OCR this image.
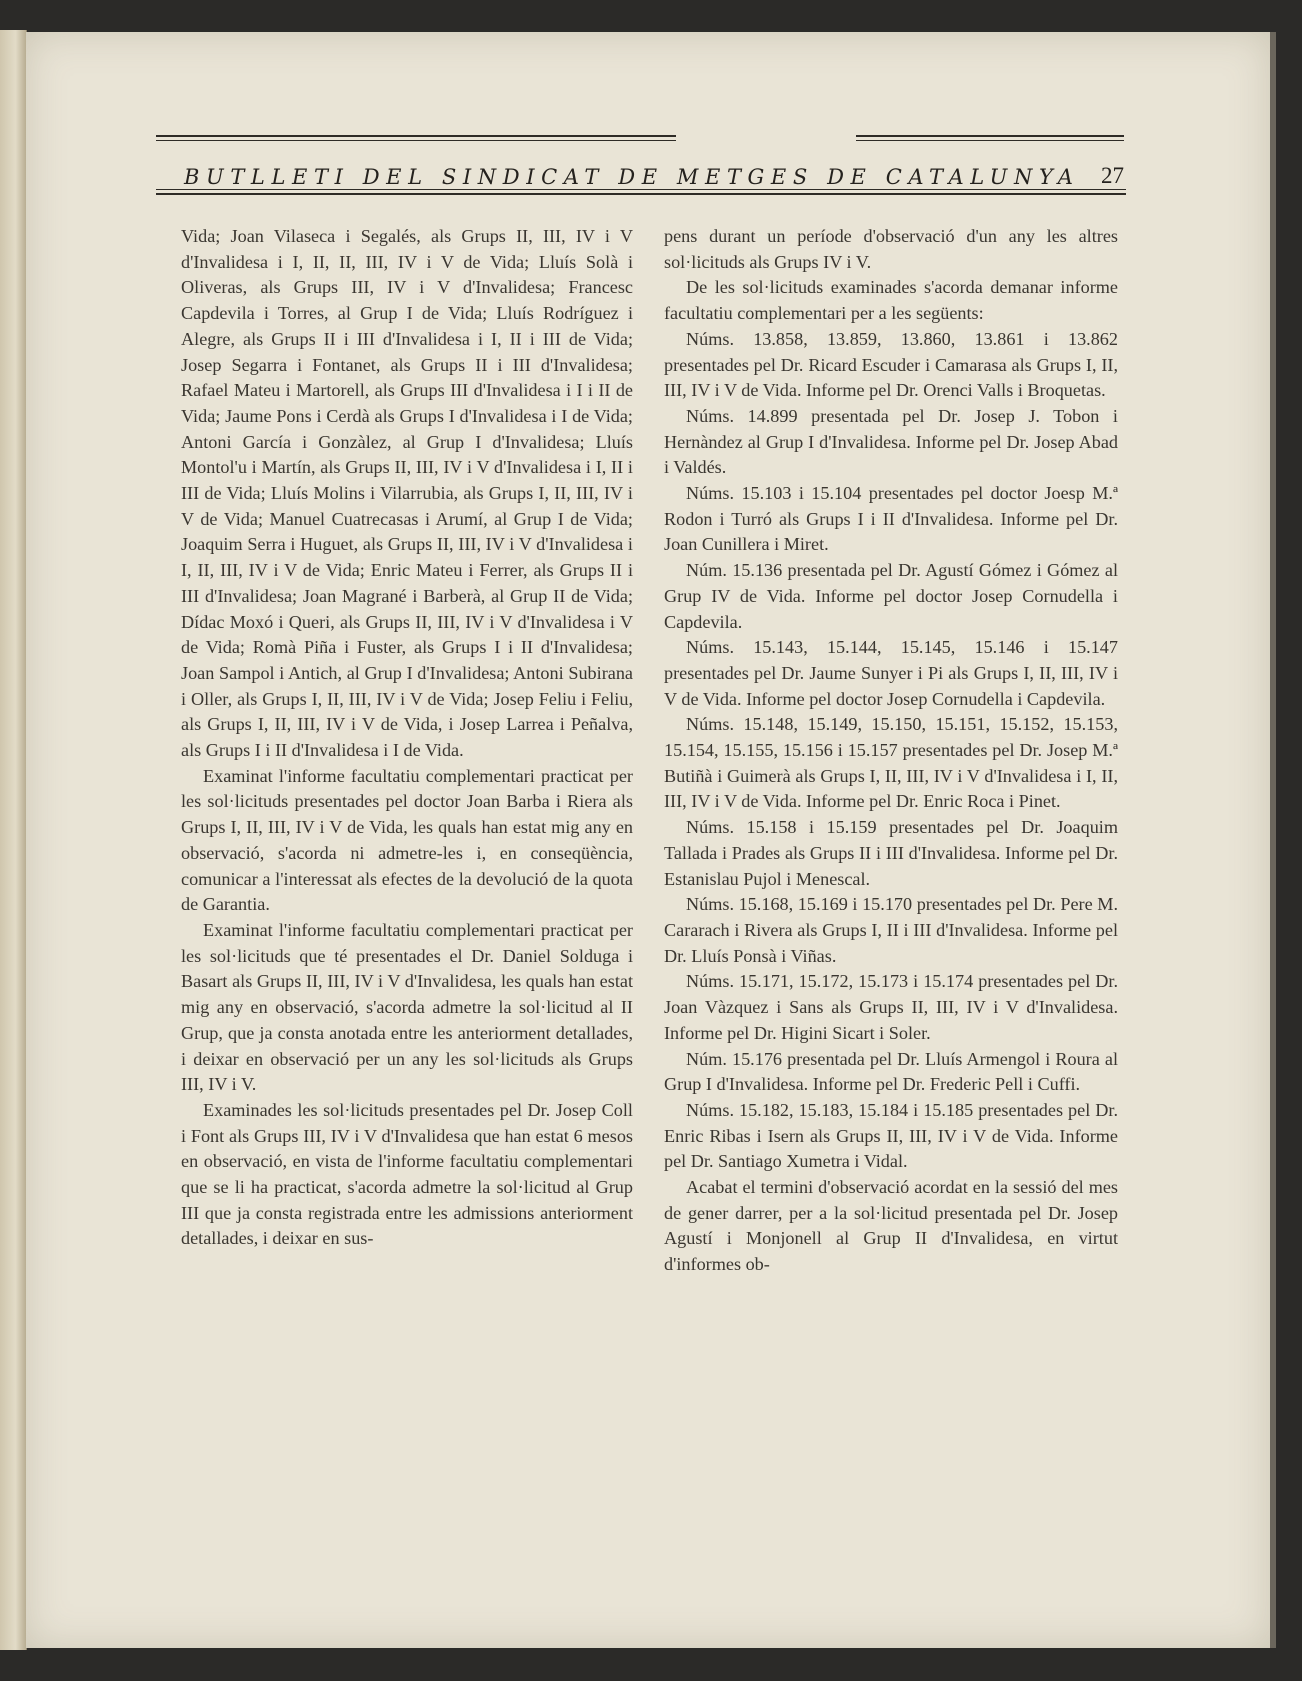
BUTLLETI DEL SINDICAT DE METGES DE CATALUNYA 27

Vida; Joan Vilaseca i Segalés, als Grups II, III, IV i V d'Invalidesa i I, II, II, III, IV i V de Vida; Lluís Solà i Oliveras, als Grups III, IV i V d'Invalidesa; Francesc Capdevila i Torres, al Grup I de Vida; Lluís Rodríguez i Alegre, als Grups II i III d'Invalidesa i I, II i III de Vida; Josep Segarra i Fontanet, als Grups II i III d'Invalidesa; Rafael Mateu i Martorell, als Grups III d'Invalidesa i I i II de Vida; Jaume Pons i Cerdà als Grups I d'Invalidesa i I de Vida; Antoni García i Gonzàlez, al Grup I d'Invalidesa; Lluís Montol'u i Martín, als Grups II, III, IV i V d'Invalidesa i I, II i III de Vida; Lluís Molins i Vilarrubia, als Grups I, II, III, IV i V de Vida; Manuel Cuatrecasas i Arumí, al Grup I de Vida; Joaquim Serra i Huguet, als Grups II, III, IV i V d'Invalidesa i I, II, III, IV i V de Vida; Enric Mateu i Ferrer, als Grups II i III d'Invalidesa; Joan Magrané i Barberà, al Grup II de Vida; Dídac Moxó i Queri, als Grups II, III, IV i V d'Invalidesa i V de Vida; Romà Piña i Fuster, als Grups I i II d'Invalidesa; Joan Sampol i Antich, al Grup I d'Invalidesa; Antoni Subirana i Oller, als Grups I, II, III, IV i V de Vida; Josep Feliu i Feliu, als Grups I, II, III, IV i V de Vida, i Josep Larrea i Peñalva, als Grups I i II d'Invalidesa i I de Vida.

Examinat l'informe facultatiu complementari practicat per les sol·licituds presentades pel doctor Joan Barba i Riera als Grups I, II, III, IV i V de Vida, les quals han estat mig any en observació, s'acorda ni admetre-les i, en conseqüència, comunicar a l'interessat als efectes de la devolució de la quota de Garantia.

Examinat l'informe facultatiu complementari practicat per les sol·licituds que té presentades el Dr. Daniel Solduga i Basart als Grups II, III, IV i V d'Invalidesa, les quals han estat mig any en observació, s'acorda admetre la sol·licitud al II Grup, que ja consta anotada entre les anteriorment detallades, i deixar en observació per un any les sol·licituds als Grups III, IV i V.

Examinades les sol·licituds presentades pel Dr. Josep Coll i Font als Grups III, IV i V d'Invalidesa que han estat 6 mesos en observació, en vista de l'informe facultatiu complementari que se li ha practicat, s'acorda admetre la sol·licitud al Grup III que ja consta registrada entre les admissions anteriorment detallades, i deixar en sus-

pens durant un període d'observació d'un any les altres sol·licituds als Grups IV i V.

De les sol·licituds examinades s'acorda demanar informe facultatiu complementari per a les següents:

Núms. 13.858, 13.859, 13.860, 13.861 i 13.862 presentades pel Dr. Ricard Escuder i Camarasa als Grups I, II, III, IV i V de Vida. Informe pel Dr. Orenci Valls i Broquetas.

Núms. 14.899 presentada pel Dr. Josep J. Tobon i Hernàndez al Grup I d'Invalidesa. Informe pel Dr. Josep Abad i Valdés.

Núms. 15.103 i 15.104 presentades pel doctor Joesp M.ª Rodon i Turró als Grups I i II d'Invalidesa. Informe pel Dr. Joan Cunillera i Miret.

Núm. 15.136 presentada pel Dr. Agustí Gómez i Gómez al Grup IV de Vida. Informe pel doctor Josep Cornudella i Capdevila.

Núms. 15.143, 15.144, 15.145, 15.146 i 15.147 presentades pel Dr. Jaume Sunyer i Pi als Grups I, II, III, IV i V de Vida. Informe pel doctor Josep Cornudella i Capdevila.

Núms. 15.148, 15.149, 15.150, 15.151, 15.152, 15.153, 15.154, 15.155, 15.156 i 15.157 presentades pel Dr. Josep M.ª Butiñà i Guimerà als Grups I, II, III, IV i V d'Invalidesa i I, II, III, IV i V de Vida. Informe pel Dr. Enric Roca i Pinet.

Núms. 15.158 i 15.159 presentades pel Dr. Joaquim Tallada i Prades als Grups II i III d'Invalidesa. Informe pel Dr. Estanislau Pujol i Menescal.

Núms. 15.168, 15.169 i 15.170 presentades pel Dr. Pere M. Cararach i Rivera als Grups I, II i III d'Invalidesa. Informe pel Dr. Lluís Ponsà i Viñas.

Núms. 15.171, 15.172, 15.173 i 15.174 presentades pel Dr. Joan Vàzquez i Sans als Grups II, III, IV i V d'Invalidesa. Informe pel Dr. Higini Sicart i Soler.

Núm. 15.176 presentada pel Dr. Lluís Armengol i Roura al Grup I d'Invalidesa. Informe pel Dr. Frederic Pell i Cuffi.

Núms. 15.182, 15.183, 15.184 i 15.185 presentades pel Dr. Enric Ribas i Isern als Grups II, III, IV i V de Vida. Informe pel Dr. Santiago Xumetra i Vidal.

Acabat el termini d'observació acordat en la sessió del mes de gener darrer, per a la sol·licitud presentada pel Dr. Josep Agustí i Monjonell al Grup II d'Invalidesa, en virtut d'informes ob-
